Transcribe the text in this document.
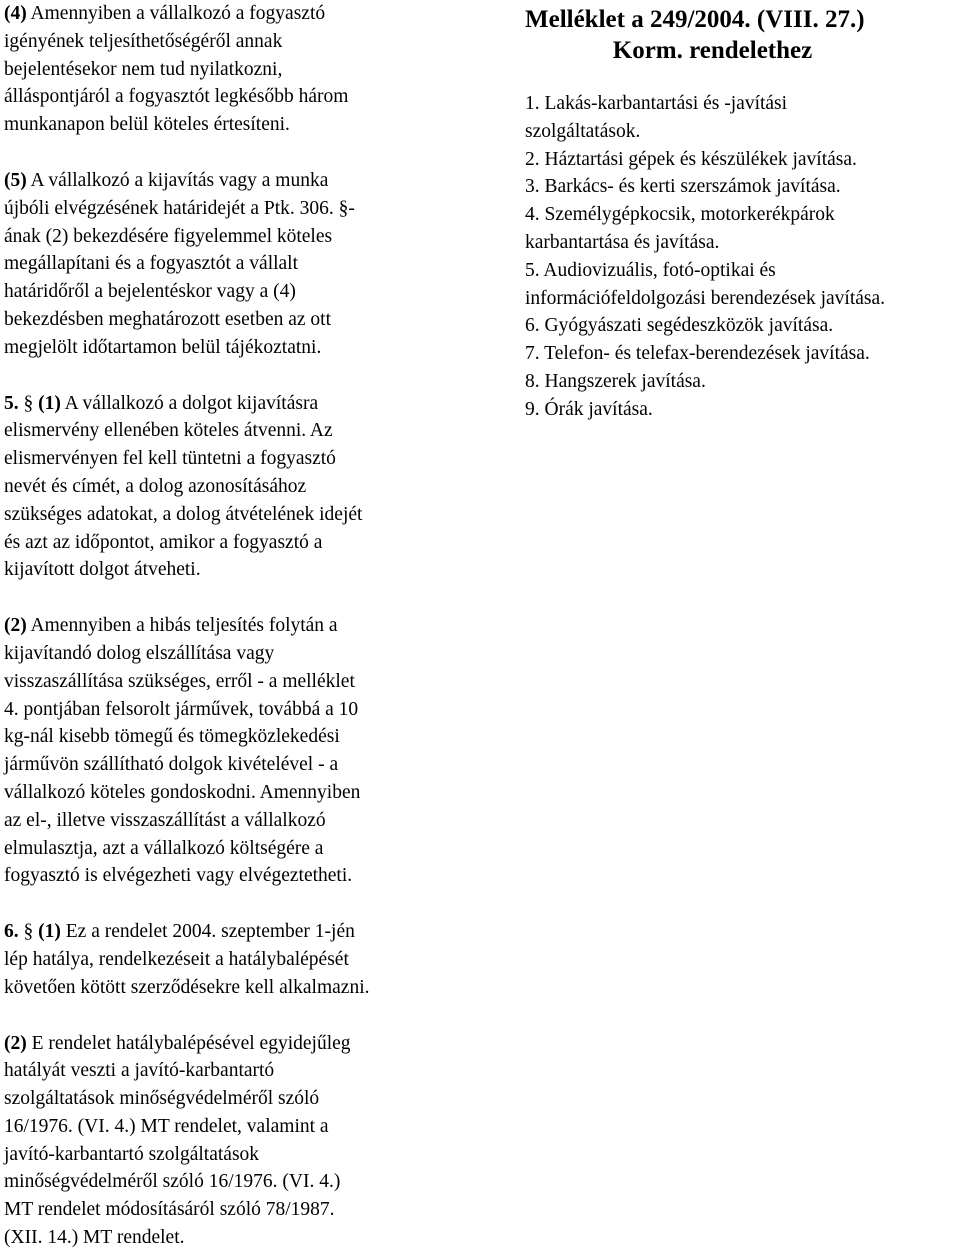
(4) Amennyiben a vállalkozó a fogyasztó
igényének teljesíthetőségéről annak
bejelentésekor nem tud nyilatkozni,
álláspontjáról a fogyasztót legkésőbb három
munkanapon belül köteles értesíteni.

(5) A vállalkozó a kijavítás vagy a munka
újbóli elvégzésének határidejét a Ptk. 306. §-
ának (2) bekezdésére figyelemmel köteles
megállapítani és a fogyasztót a vállalt
határidőről a bejelentéskor vagy a (4)
bekezdésben meghatározott esetben az ott
megjelölt időtartamon belül tájékoztatni.

5. § (1) A vállalkozó a dolgot kijavításra
elismervény ellenében köteles átvenni. Az
elismervényen fel kell tüntetni a fogyasztó
nevét és címét, a dolog azonosításához
szükséges adatokat, a dolog átvételének idejét
és azt az időpontot, amikor a fogyasztó a
kijavított dolgot átveheti.

(2) Amennyiben a hibás teljesítés folytán a
kijavítandó dolog elszállítása vagy
visszaszállítása szükséges, erről - a melléklet
4. pontjában felsorolt járművek, továbbá a 10
kg-nál kisebb tömegű és tömegközlekedési
járművön szállítható dolgok kivételével - a
vállalkozó köteles gondoskodni. Amennyiben
az el-, illetve visszaszállítást a vállalkozó
elmulasztja, azt a vállalkozó költségére a
fogyasztó is elvégezheti vagy elvégeztetheti.

6. § (1) Ez a rendelet 2004. szeptember 1-jén
lép hatálya, rendelkezéseit a hatálybalépését
követően kötött szerződésekre kell alkalmazni.

(2) E rendelet hatálybalépésével egyidejűleg
hatályát veszti a javító-karbantartó
szolgáltatások minőségvédelméről szóló
16/1976. (VI. 4.) MT rendelet, valamint a
javító-karbantartó szolgáltatások
minőségvédelméről szóló 16/1976. (VI. 4.)
MT rendelet módosításáról szóló 78/1987.
(XII. 14.) MT rendelet.

Melléklet a 249/2004. (VIII. 27.)
Korm. rendelethez
1. Lakás-karbantartási és -javítási
szolgáltatások.
2. Háztartási gépek és készülékek javítása.
3. Barkács- és kerti szerszámok javítása.
4. Személygépkocsik, motorkerékpárok
karbantartása és javítása.
5. Audiovizuális, fotó-optikai és
információfeldolgozási berendezések javítása.
6. Gyógyászati segédeszközök javítása.
7. Telefon- és telefax-berendezések javítása.
8. Hangszerek javítása.
9. Órák javítása.
